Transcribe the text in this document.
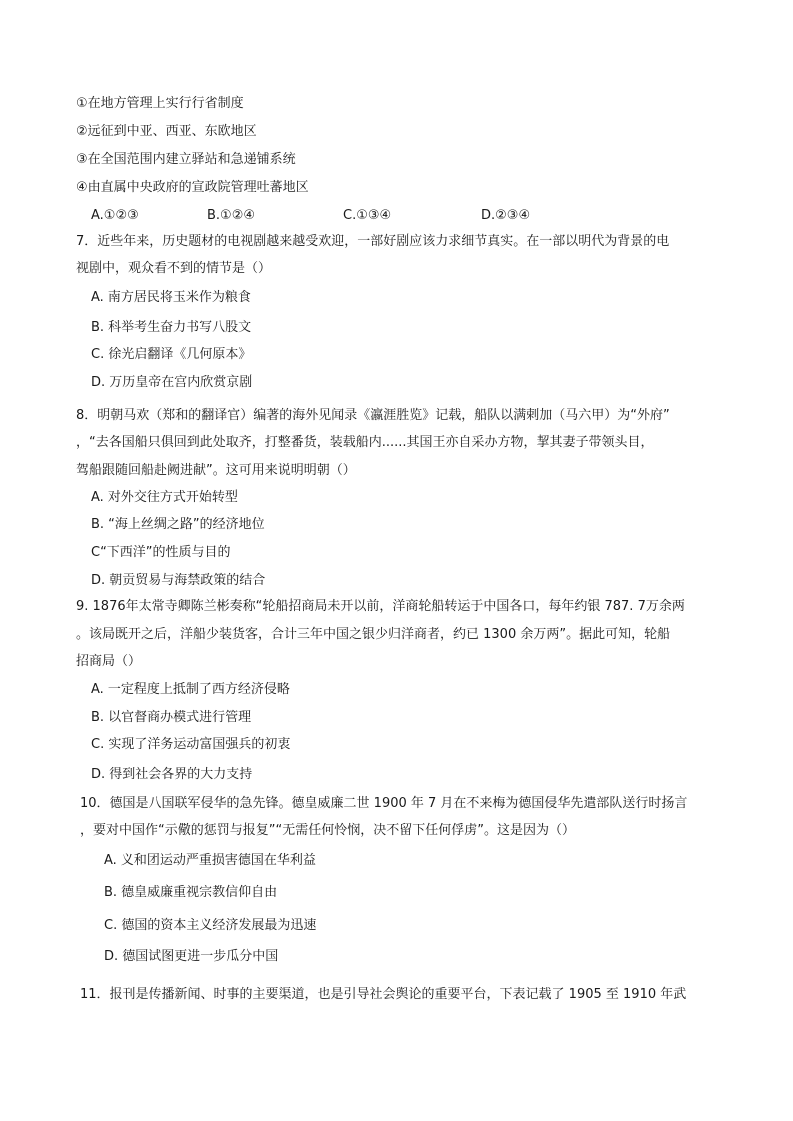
①在地方管理上实行行省制度
②远征到中亚、西亚、东欧地区
③在全国范围内建立驿站和急递铺系统
④由直属中央政府的宣政院管理吐蕃地区
A.①②③	B.①②④	C.①③④	D.②③④
7．近些年来，历史题材的电视剧越来越受欢迎，一部好剧应该力求细节真实。在一部以明代为背景的电
视剧中，观众看不到的情节是（）
A. 南方居民将玉米作为粮食
B. 科举考生奋力书写八股文
C. 徐光启翻译《几何原本》
D. 万历皇帝在宫内欣赏京剧
8．明朝马欢（郑和的翻译官）编著的海外见闻录《瀛涯胜览》记载，船队以满剌加（马六甲）为“外府”
，“去各国船只俱回到此处取齐，打整番货，装载船内......其国王亦自采办方物，挈其妻子带领头目，
驾船跟随回船赴阙进献”。这可用来说明明朝（）
A. 对外交往方式开始转型
B. “海上丝绸之路”的经济地位
C“下西洋”的性质与目的
D. 朝贡贸易与海禁政策的结合
9. 1876年太常寺卿陈兰彬奏称“轮船招商局未开以前，洋商轮船转运于中国各口，每年约银 787. 7万余两
。该局既开之后，洋船少装货客，合计三年中国之银少归洋商者，约已 1300 余万两”。据此可知，轮船
招商局（）
A. 一定程度上抵制了西方经济侵略
B. 以官督商办模式进行管理
C. 实现了洋务运动富国强兵的初衷
D. 得到社会各界的大力支持
10．德国是八国联军侵华的急先锋。德皇威廉二世 1900 年 7 月在不来梅为德国侵华先遣部队送行时扬言
，要对中国作“示儆的惩罚与报复”“无需任何怜悯，决不留下任何俘虏”。这是因为（）
A. 义和团运动严重损害德国在华利益
B. 德皇威廉重视宗教信仰自由
C. 德国的资本主义经济发展最为迅速
D. 德国试图更进一步瓜分中国
11．报刊是传播新闻、时事的主要渠道，也是引导社会舆论的重要平台，下表记载了 1905 至 1910 年武
